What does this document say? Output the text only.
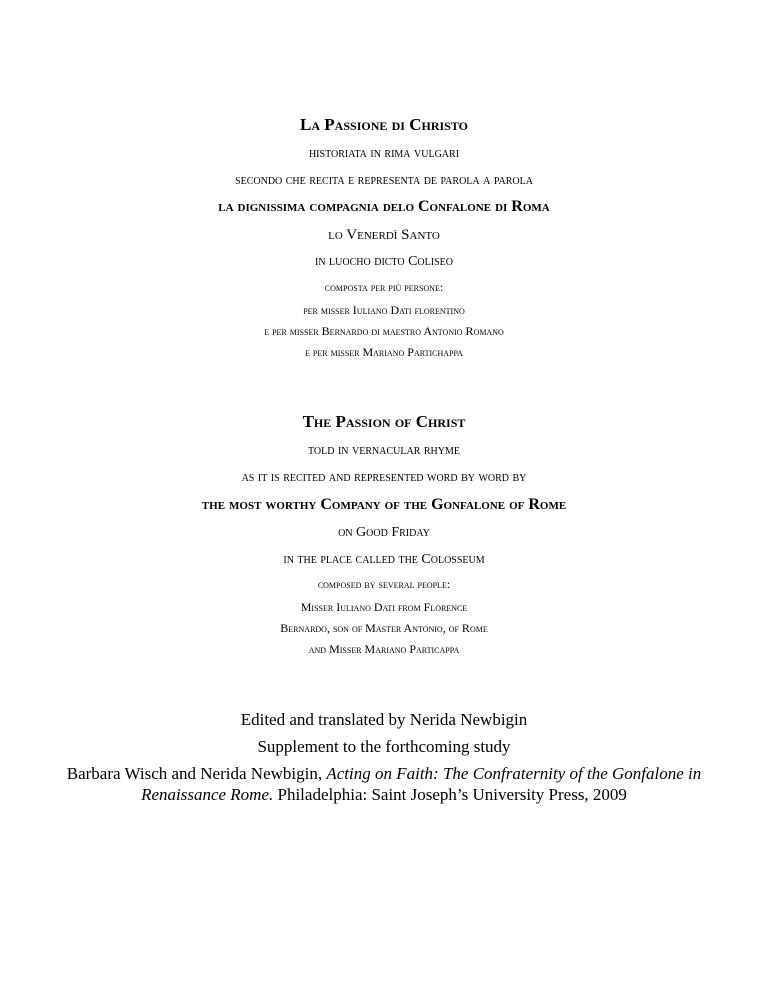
La Passione di Christo
historiata in rima vulgari
secondo che recita e representa de parola a parola
la dignissima compagnia delo Confalone di Roma
lo Venerdì Santo
in luocho dicto Coliseo
composta per più persone:
per misser Iuliano Dati florentino
e per misser Bernardo di maestro Antonio Romano
e per misser Mariano Partichappa
The Passion of Christ
told in vernacular rhyme
as it is recited and represented word by word by
the most worthy Company of the Gonfalone of Rome
on Good Friday
in the place called the Colosseum
composed by several people:
Misser Iuliano Dati from Florence
Bernardo, son of Master Antonio, of Rome
and Misser Mariano Particappa
Edited and translated by Nerida Newbigin
Supplement to the forthcoming study
Barbara Wisch and Nerida Newbigin, Acting on Faith: The Confraternity of the Gonfalone in Renaissance Rome. Philadelphia: Saint Joseph’s University Press, 2009
